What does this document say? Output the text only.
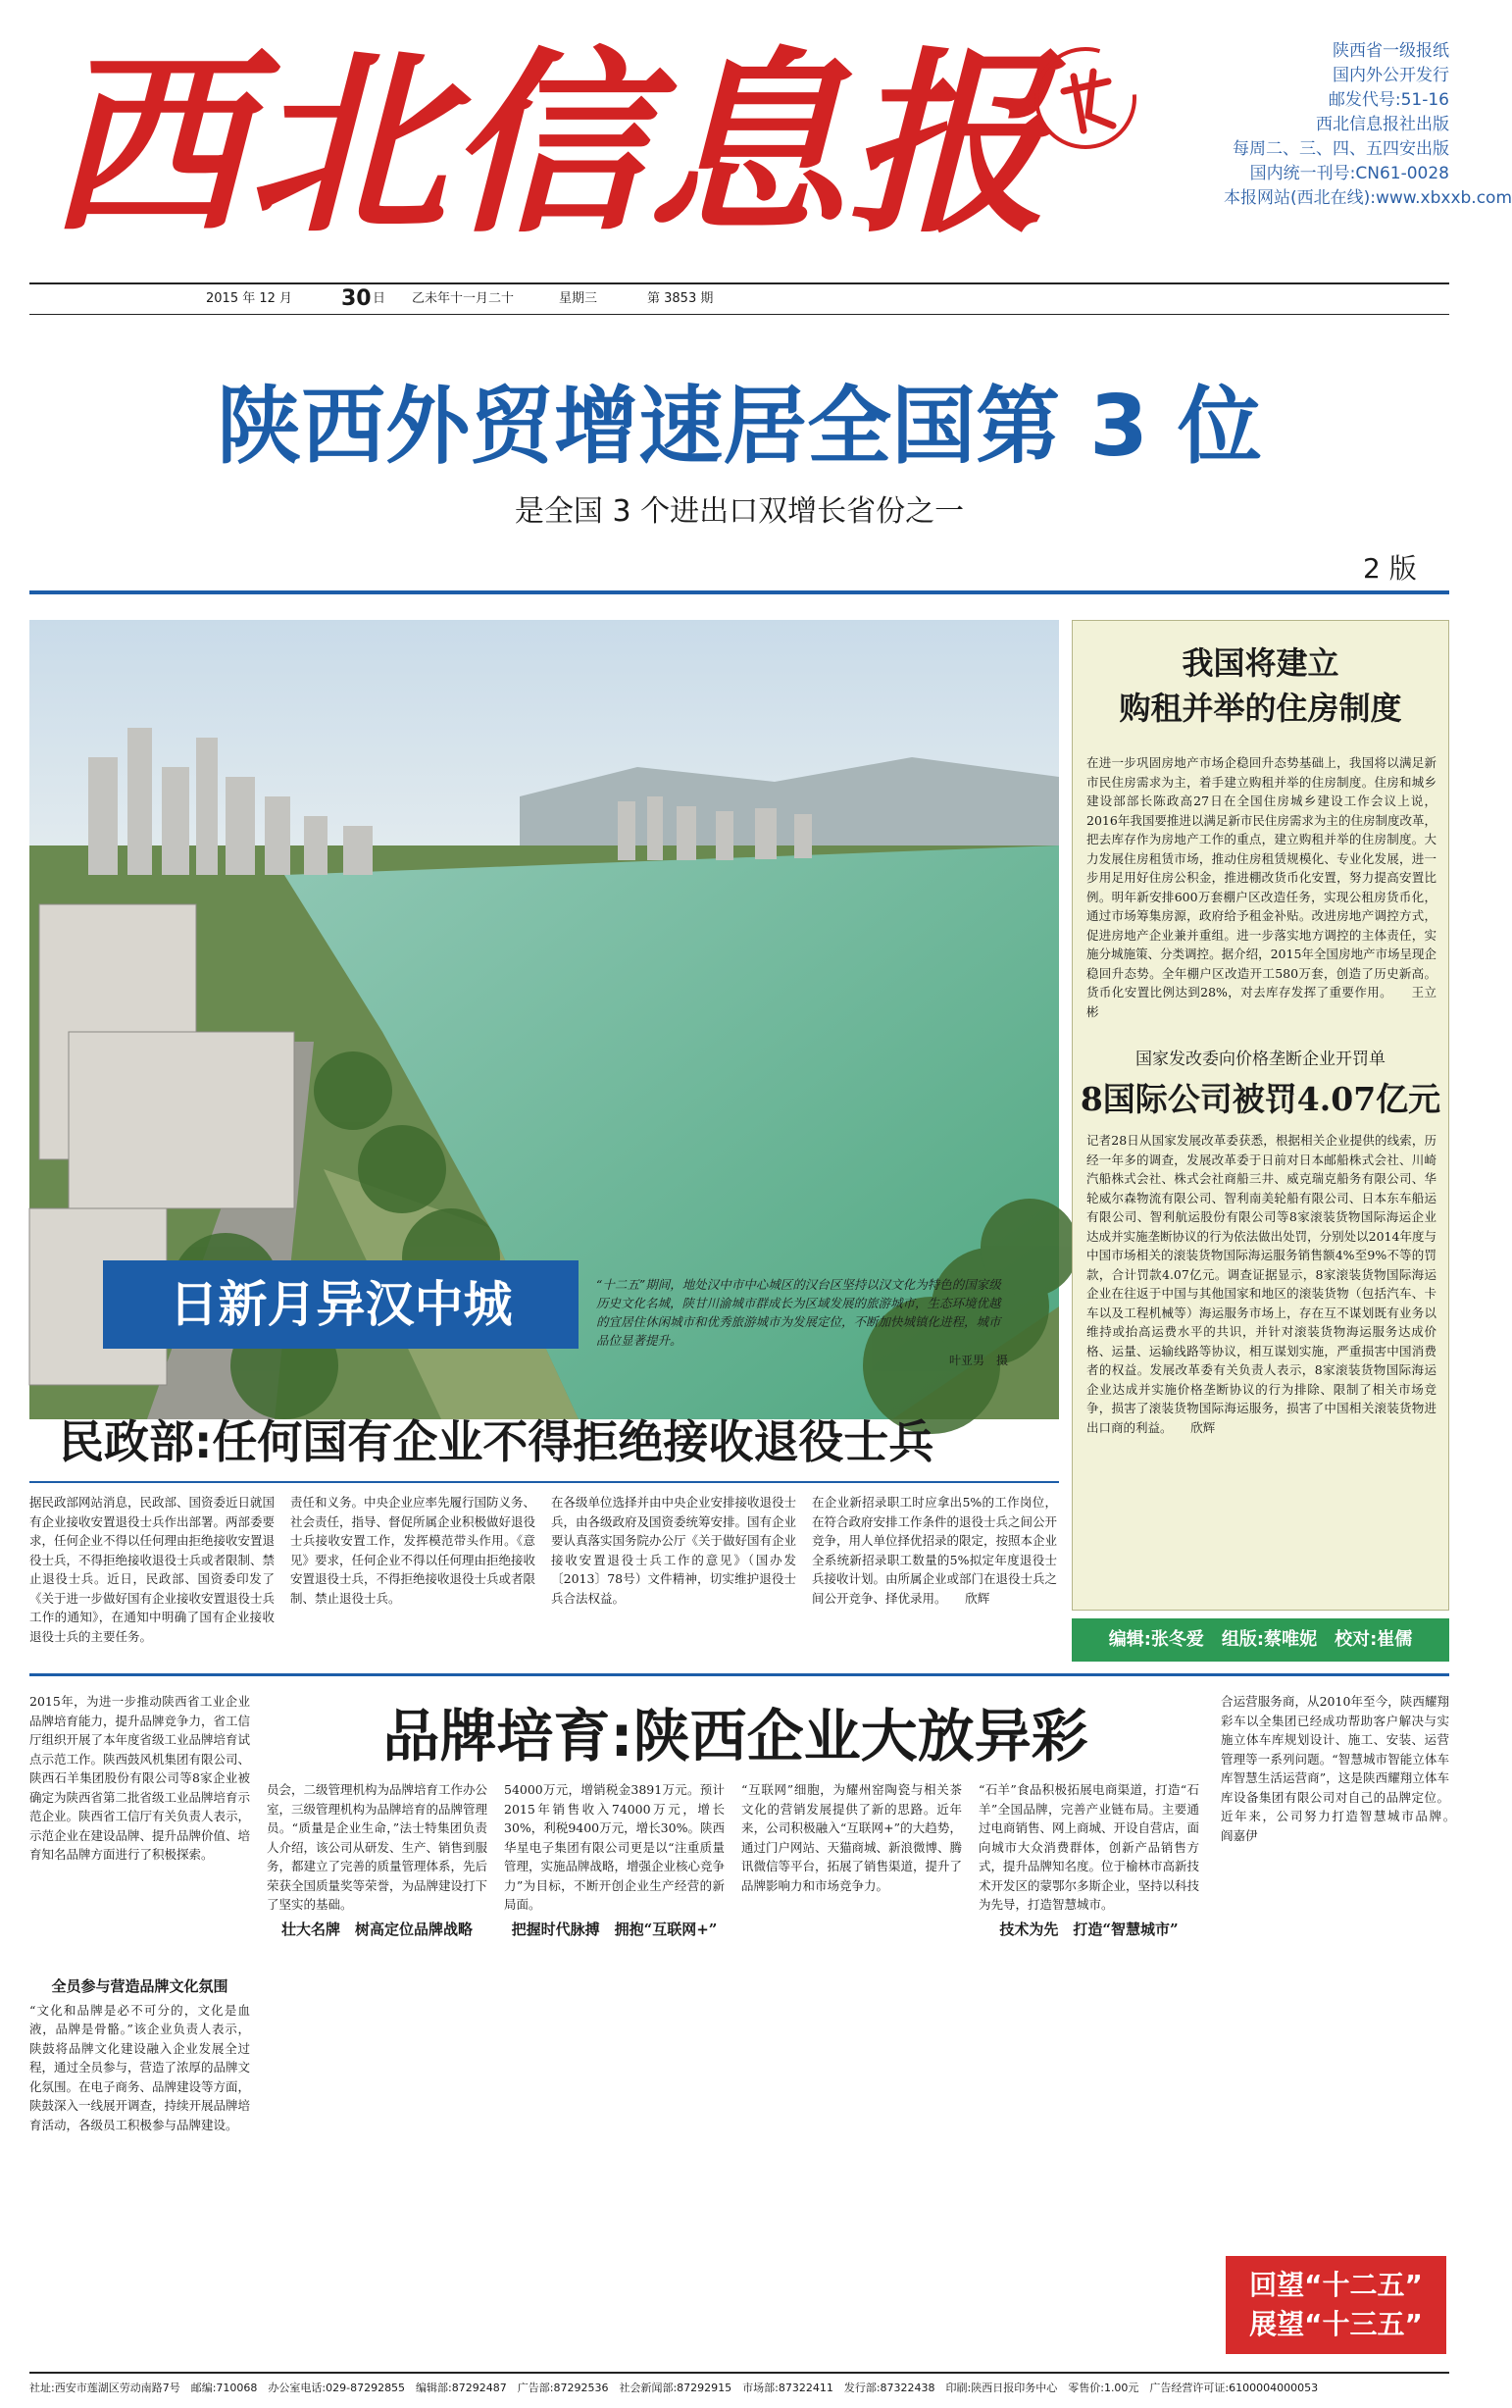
西北信息报	陕西省一级报纸
国内外公开发行
邮发代号:51-16
西北信息报社出版
每周二、三、四、五四安出版
国内统一刊号:CN61-0028
本报网站(西北在线):www.xbxxb.com
2015 年 12 月 30 日 乙未年十一月二十	星期三	第 3853 期
陕西外贸增速居全国第 3 位
是全国 3 个进出口双增长省份之一
2 版
日新月异汉中城	“十二五”期间，地处汉中市中心城区的汉台区坚持以汉文化为特色的国家级历史文化名城，陕甘川渝城市群成长为区域发展的旅游城市，生态环境优越的宜居住休闲城市和优秀旅游城市为发展定位，不断加快城镇化进程，城市品位显著提升。
叶亚男　摄
我国将建立
购租并举的住房制度
在进一步巩固房地产市场企稳回升态势基础上，我国将以满足新市民住房需求为主，着手建立购租并举的住房制度。住房和城乡建设部部长陈政高27日在全国住房城乡建设工作会议上说，2016年我国要推进以满足新市民住房需求为主的住房制度改革，把去库存作为房地产工作的重点，建立购租并举的住房制度。大力发展住房租赁市场，推动住房租赁规模化、专业化发展，进一步用足用好住房公积金，推进棚改货币化安置，努力提高安置比例。明年新安排600万套棚户区改造任务，实现公租房货币化，通过市场筹集房源，政府给予租金补贴。改进房地产调控方式，促进房地产企业兼并重组。进一步落实地方调控的主体责任，实施分城施策、分类调控。据介绍，2015年全国房地产市场呈现企稳回升态势。全年棚户区改造开工580万套，创造了历史新高。货币化安置比例达到28%，对去库存发挥了重要作用。　　王立彬
国家发改委向价格垄断企业开罚单
8国际公司被罚4.07亿元
记者28日从国家发展改革委获悉，根据相关企业提供的线索，历经一年多的调查，发展改革委于日前对日本邮船株式会社、川崎汽船株式会社、株式会社商船三井、威克瑞克船务有限公司、华轮威尔森物流有限公司、智利南美轮船有限公司、日本东车船运有限公司、智利航运股份有限公司等8家滚装货物国际海运企业达成并实施垄断协议的行为依法做出处罚，分别处以2014年度与中国市场相关的滚装货物国际海运服务销售额4%至9%不等的罚款，合计罚款4.07亿元。调查证据显示，8家滚装货物国际海运企业在往返于中国与其他国家和地区的滚装货物（包括汽车、卡车以及工程机械等）海运服务市场上，存在互不谋划既有业务以维持或抬高运费水平的共识，并针对滚装货物海运服务达成价格、运量、运输线路等协议，相互谋划实施，严重损害中国消费者的权益。发展改革委有关负责人表示，8家滚装货物国际海运企业达成并实施价格垄断协议的行为排除、限制了相关市场竞争，损害了滚装货物国际海运服务，损害了中国相关滚装货物进出口商的利益。　　欣辉
编辑:张冬爱　组版:蔡唯妮　校对:崔儒
民政部:任何国有企业不得拒绝接收退役士兵
据民政部网站消息，民政部、国资委近日就国有企业接收安置退役士兵作出部署。两部委要求，任何企业不得以任何理由拒绝接收安置退役士兵，不得拒绝接收退役士兵或者限制、禁止退役士兵。近日，民政部、国资委印发了《关于进一步做好国有企业接收安置退役士兵工作的通知》，在通知中明确了国有企业接收退役士兵的主要任务。
责任和义务。中央企业应率先履行国防义务、社会责任，指导、督促所属企业积极做好退役士兵接收安置工作，发挥模范带头作用。《意见》要求，任何企业不得以任何理由拒绝接收安置退役士兵，不得拒绝接收退役士兵或者限制、禁止退役士兵。
在各级单位选择并由中央企业安排接收退役士兵，由各级政府及国资委统筹安排。国有企业要认真落实国务院办公厅《关于做好国有企业接收安置退役士兵工作的意见》（国办发〔2013〕78号）文件精神，切实维护退役士兵合法权益。
在企业新招录职工时应拿出5%的工作岗位，在符合政府安排工作条件的退役士兵之间公开竞争，用人单位择优招录的限定，按照本企业全系统新招录职工数量的5%拟定年度退役士兵接收计划。由所属企业或部门在退役士兵之间公开竞争、择优录用。　　欣辉
2015年，为进一步推动陕西省工业企业品牌培育能力，提升品牌竞争力，省工信厅组织开展了本年度省级工业品牌培育试点示范工作。陕西鼓风机集团有限公司、陕西石羊集团股份有限公司等8家企业被确定为陕西省第二批省级工业品牌培育示范企业。陕西省工信厅有关负责人表示，示范企业在建设品牌、提升品牌价值、培育知名品牌方面进行了积极探索。
品牌培育:陕西企业大放异彩
全员参与营造品牌文化氛围
“文化和品牌是必不可分的，文化是血液，品牌是骨骼。”该企业负责人表示，陕鼓将品牌文化建设融入企业发展全过程，通过全员参与，营造了浓厚的品牌文化氛围。在电子商务、品牌建设等方面，陕鼓深入一线展开调查，持续开展品牌培育活动，各级员工积极参与品牌建设。
员会，二级管理机构为品牌培育工作办公室，三级管理机构为品牌培育的品牌管理员。“质量是企业生命，”法士特集团负责人介绍，该公司从研发、生产、销售到服务，都建立了完善的质量管理体系，先后荣获全国质量奖等荣誉，为品牌建设打下了坚实的基础。
壮大名牌　树高定位品牌战略
54000万元，增销税金3891万元。预计2015年销售收入74000万元，增长30%，利税9400万元，增长30%。陕西华星电子集团有限公司更是以“注重质量管理，实施品牌战略，增强企业核心竞争力”为目标，不断开创企业生产经营的新局面。
把握时代脉搏　拥抱“互联网+”
“互联网”细胞，为耀州窑陶瓷与相关茶文化的营销发展提供了新的思路。近年来，公司积极融入“互联网+”的大趋势，通过门户网站、天猫商城、新浪微博、腾讯微信等平台，拓展了销售渠道，提升了品牌影响力和市场竞争力。
“石羊”食品积极拓展电商渠道，打造“石羊”全国品牌，完善产业链布局。主要通过电商销售、网上商城、开设自营店，面向城市大众消费群体，创新产品销售方式，提升品牌知名度。位于榆林市高新技术开发区的蒙鄂尔多斯企业，坚持以科技为先导，打造智慧城市。
技术为先　打造“智慧城市”
合运营服务商，从2010年至今，陕西耀翔彩车以全集团已经成功帮助客户解决与实施立体车库规划设计、施工、安装、运营管理等一系列问题。“智慧城市智能立体车库智慧生活运营商”，这是陕西耀翔立体车库设备集团有限公司对自己的品牌定位。近年来，公司努力打造智慧城市品牌。　　阎嘉伊
回望“十二五”
展望“十三五”
社址:西安市莲湖区劳动南路7号　邮编:710068　办公室电话:029-87292855　编辑部:87292487　广告部:87292536　社会新闻部:87292915　市场部:87322411　发行部:87322438　印刷:陕西日报印务中心　零售价:1.00元　广告经营许可证:6100004000053
